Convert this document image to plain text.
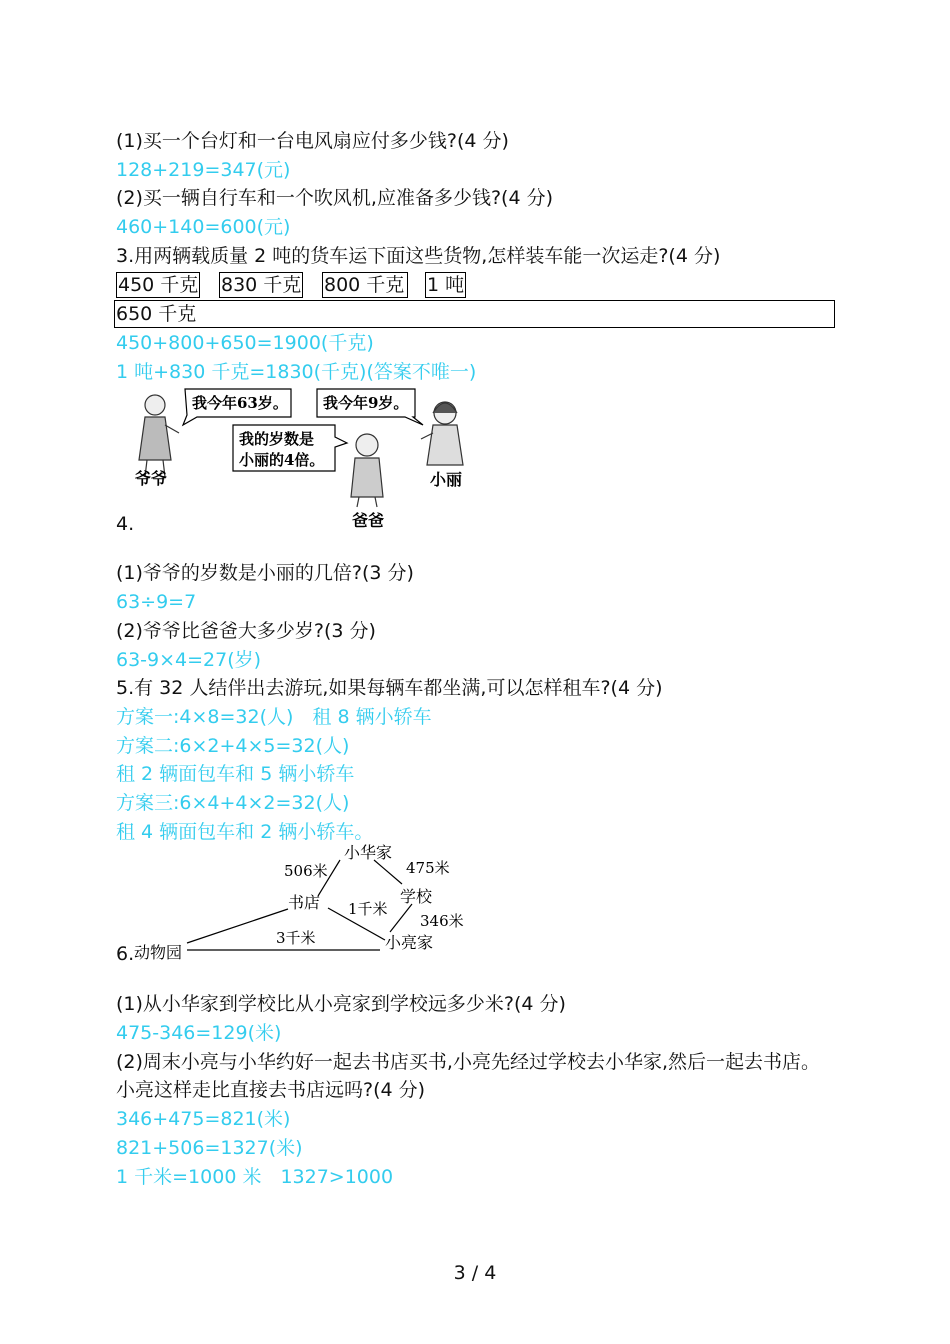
(1)买一个台灯和一台电风扇应付多少钱?(4 分)
128+219=347(元)
(2)买一辆自行车和一个吹风机,应准备多少钱?(4 分)
460+140=600(元)
3.用两辆载质量 2 吨的货车运下面这些货物,怎样装车能一次运走?(4 分)
450 千克 830 千克 800 千克 1 吨
650 千克
450+800+650=1900(千克)
1 吨+830 千克=1830(千克)(答案不唯一)
我今年63岁。 我今年9岁。
我的岁数是
小丽的4倍。
爷爷	小丽
爸爸
4.
(1)爷爷的岁数是小丽的几倍?(3 分)
63÷9=7
(2)爷爷比爸爸大多少岁?(3 分)
63-9×4=27(岁)
5.有 32 人结伴出去游玩,如果每辆车都坐满,可以怎样租车?(4 分)
方案一:4×8=32(人)　租 8 辆小轿车
方案二:6×2+4×5=32(人)
租 2 辆面包车和 5 辆小轿车
方案三:6×4+4×2=32(人)
租 4 辆面包车和 2 辆小轿车。
6.
小华家
书店	学校
动物园
小亮家
506米	475米
1千米
346米
3千米
(1)从小华家到学校比从小亮家到学校远多少米?(4 分)
475-346=129(米)
(2)周末小亮与小华约好一起去书店买书,小亮先经过学校去小华家,然后一起去书店。
小亮这样走比直接去书店远吗?(4 分)
346+475=821(米)
821+506=1327(米)
1 千米=1000 米　1327>1000
3 / 4
